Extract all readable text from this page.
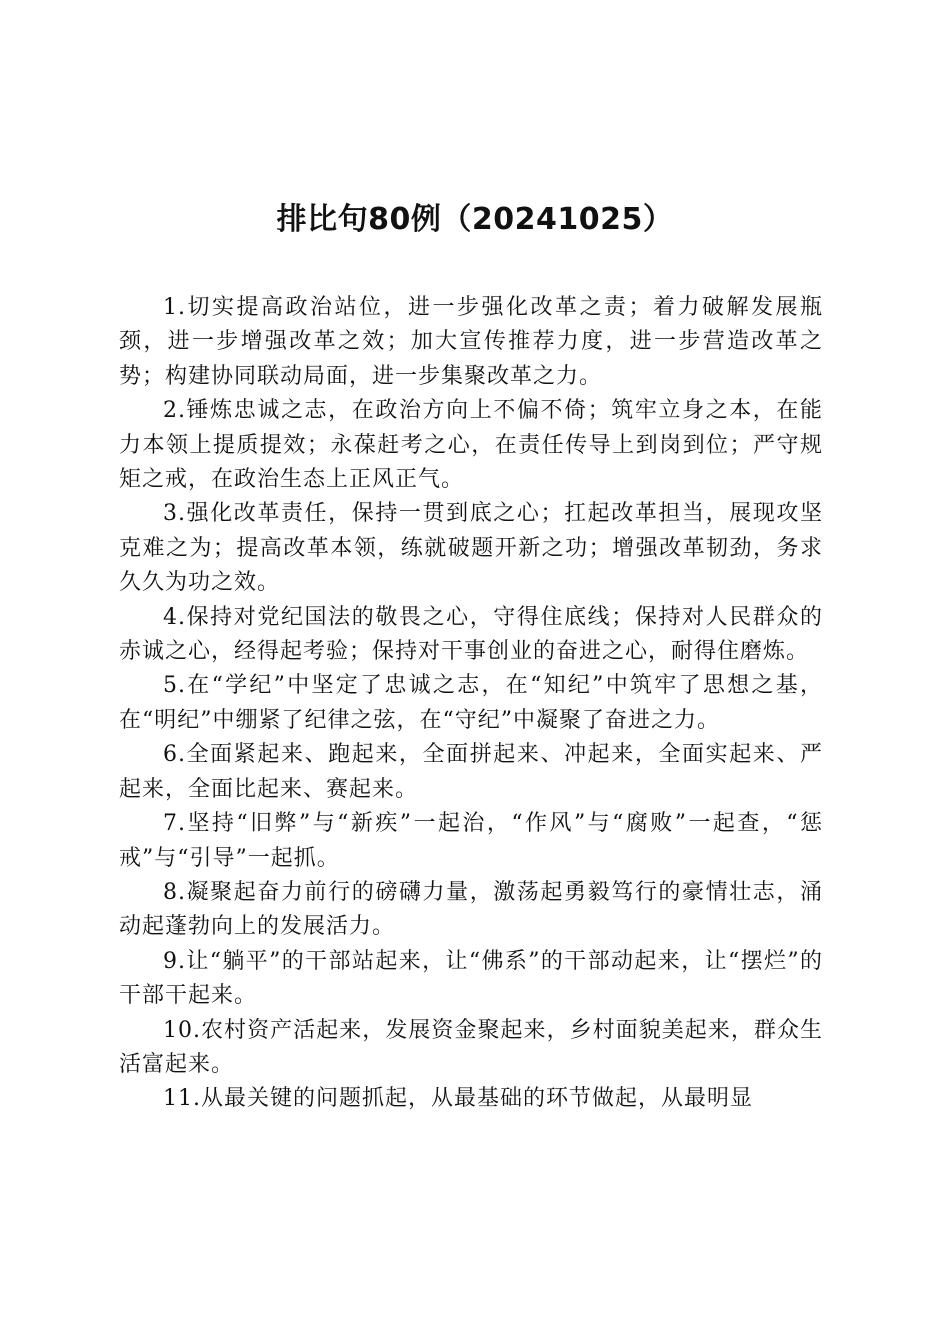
排比句80例（20241025）

1.切实提高政治站位，进一步强化改革之责；着力破解发展瓶颈，进一步增强改革之效；加大宣传推荐力度，进一步营造改革之势；构建协同联动局面，进一步集聚改革之力。

2.锤炼忠诚之志，在政治方向上不偏不倚；筑牢立身之本，在能力本领上提质提效；永葆赶考之心，在责任传导上到岗到位；严守规矩之戒，在政治生态上正风正气。

3.强化改革责任，保持一贯到底之心；扛起改革担当，展现攻坚克难之为；提高改革本领，练就破题开新之功；增强改革韧劲，务求久久为功之效。

4.保持对党纪国法的敬畏之心，守得住底线；保持对人民群众的赤诚之心，经得起考验；保持对干事创业的奋进之心，耐得住磨炼。

5.在“学纪”中坚定了忠诚之志，在“知纪”中筑牢了思想之基，在“明纪”中绷紧了纪律之弦，在“守纪”中凝聚了奋进之力。

6.全面紧起来、跑起来，全面拼起来、冲起来，全面实起来、严起来，全面比起来、赛起来。

7.坚持“旧弊”与“新疾”一起治，“作风”与“腐败”一起查，“惩戒”与“引导”一起抓。

8.凝聚起奋力前行的磅礴力量，激荡起勇毅笃行的豪情壮志，涌动起蓬勃向上的发展活力。

9.让“躺平”的干部站起来，让“佛系”的干部动起来，让“摆烂”的干部干起来。

10.农村资产活起来，发展资金聚起来，乡村面貌美起来，群众生活富起来。

11.从最关键的问题抓起，从最基础的环节做起，从最明显
